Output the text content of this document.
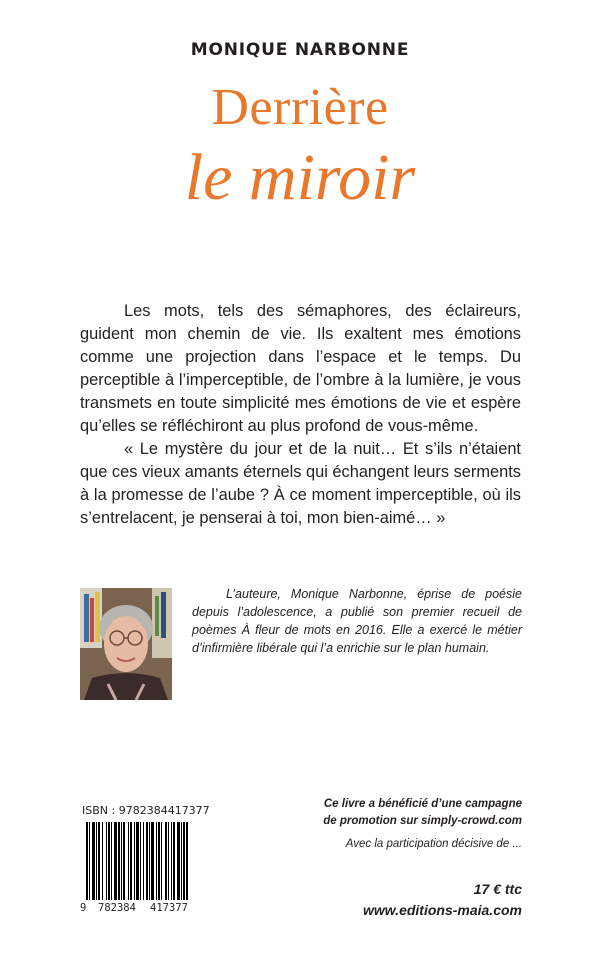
MONIQUE NARBONNE
Derrière
le miroir

Les mots, tels des sémaphores, des éclaireurs, guident mon chemin de vie. Ils exaltent mes émotions comme une projection dans l’espace et le temps. Du perceptible à l’imperceptible, de l’ombre à la lumière, je vous transmets en toute simplicité mes émotions de vie et espère qu’elles se réfléchiront au plus profond de vous-même.

« Le mystère du jour et de la nuit… Et s’ils n’étaient que ces vieux amants éternels qui échangent leurs serments à la promesse de l’aube ? À ce moment imperceptible, où ils s’entrelacent, je penserai à toi, mon bien-aimé… »

L’auteure, Monique Narbonne, éprise de poésie depuis l’adolescence, a publié son premier recueil de poèmes À fleur de mots en 2016. Elle a exercé le métier d’infirmière libérale qui l’a enrichie sur le plan humain.

ISBN : 9782384417377
9 782384 417377
Ce livre a bénéficié d’une campagne
de promotion sur simply-crowd.com
Avec la participation décisive de ...
17 € ttc
www.editions-maia.com
